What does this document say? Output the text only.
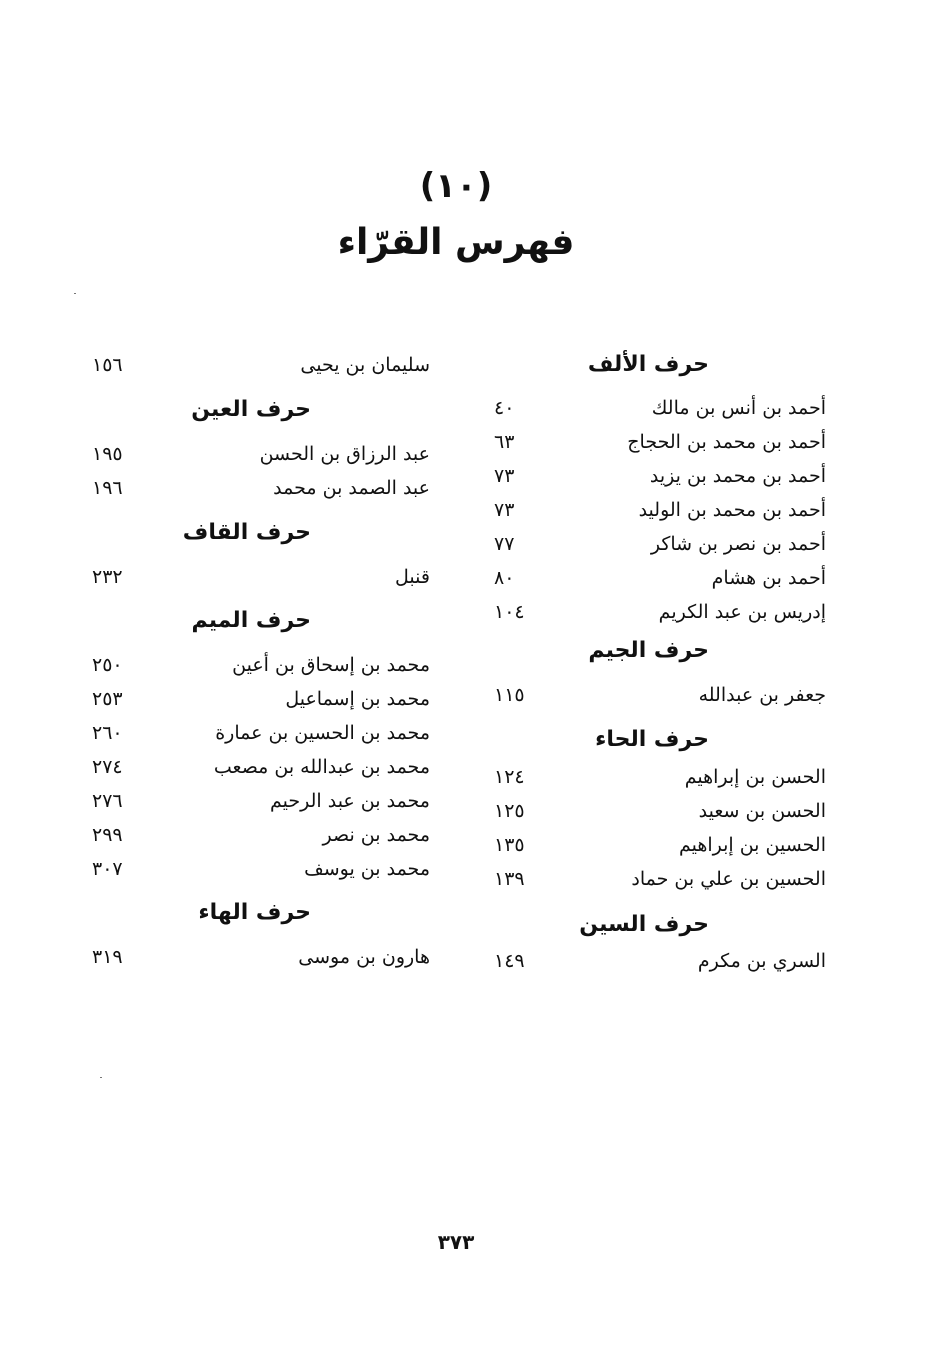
(١٠)
فهرس القرّاء
حرف الألف
٤٠	أحمد بن أنس بن مالك
٦٣	أحمد بن محمد بن الحجاج
٧٣	أحمد بن محمد بن يزيد
٧٣	أحمد بن محمد بن الوليد
٧٧	أحمد بن نصر بن شاكر
٨٠	أحمد بن هشام
١٠٤	إدريس بن عبد الكريم
حرف الجيم
١١٥	جعفر بن عبدالله
حرف الحاء
١٢٤	الحسن بن إبراهيم
١٢٥	الحسن بن سعيد
١٣٥	الحسين بن إبراهيم
١٣٩	الحسين بن علي بن حماد
حرف السين
١٤٩	السري بن مكرم
١٥٦	سليمان بن يحيى
حرف العين
١٩٥	عبد الرزاق بن الحسن
١٩٦	عبد الصمد بن محمد
حرف القاف
٢٣٢	قنبل
حرف الميم
٢٥٠	محمد بن إسحاق بن أعين
٢٥٣	محمد بن إسماعيل
٢٦٠	محمد بن الحسين بن عمارة
٢٧٤	محمد بن عبدالله بن مصعب
٢٧٦	محمد بن عبد الرحيم
٢٩٩	محمد بن نصر
٣٠٧	محمد بن يوسف
حرف الهاء
٣١٩	هارون بن موسى
٣٧٣
